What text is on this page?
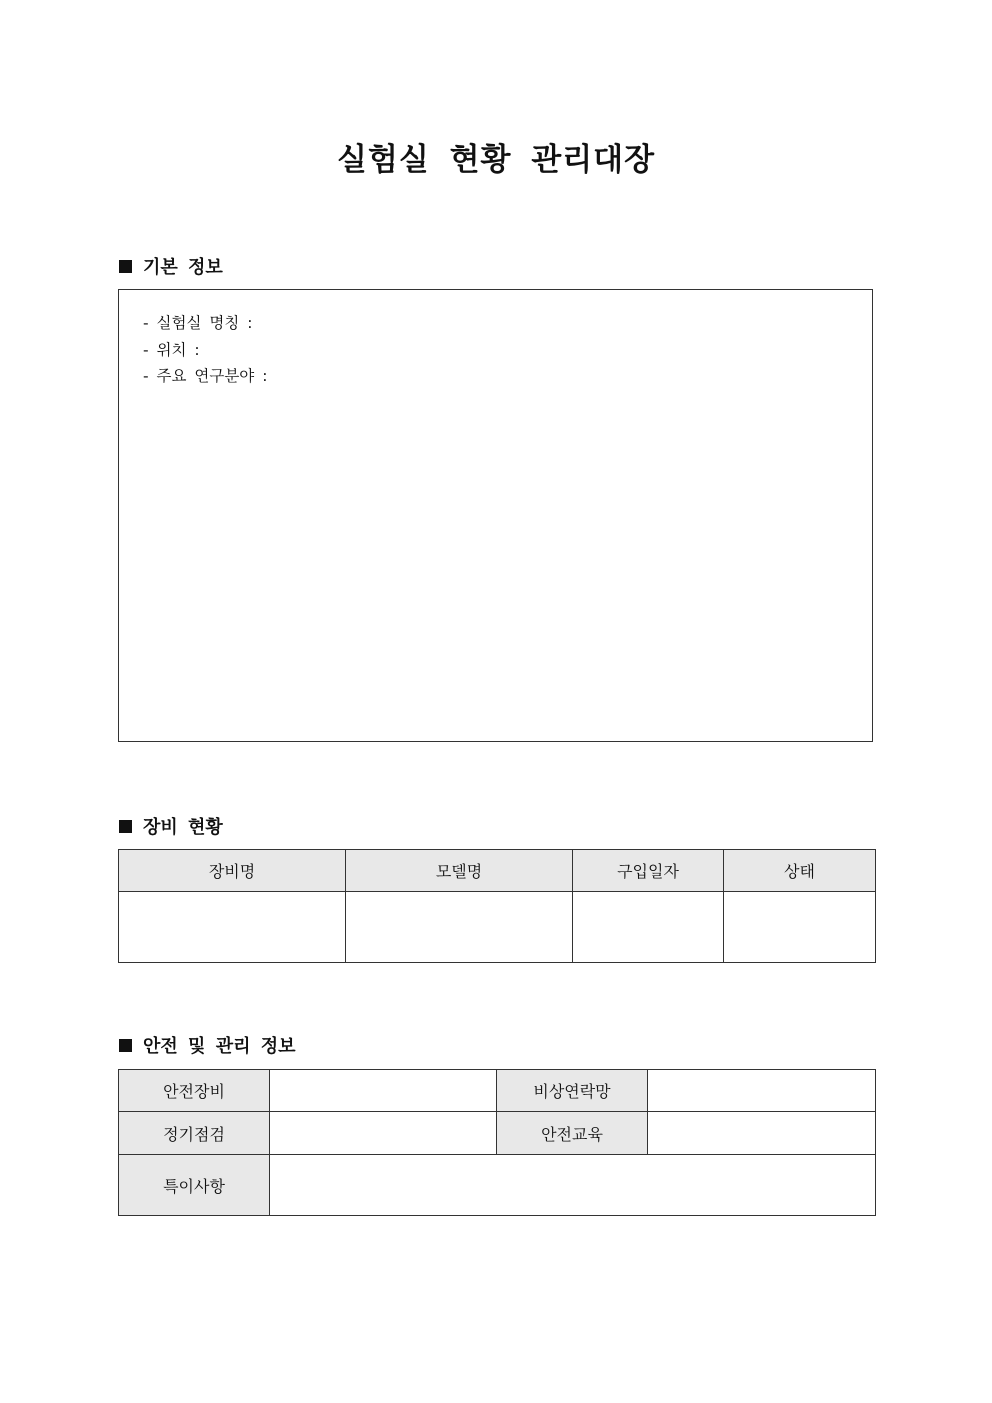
실험실 현황 관리대장
기본 정보
- 실험실 명칭 :
- 위치 :
- 주요 연구분야 :
장비 현황
장비명	모델명	구입일자	상태

안전 및 관리 정보
안전장비		비상연락망	
정기점검		안전교육	
특이사항			
